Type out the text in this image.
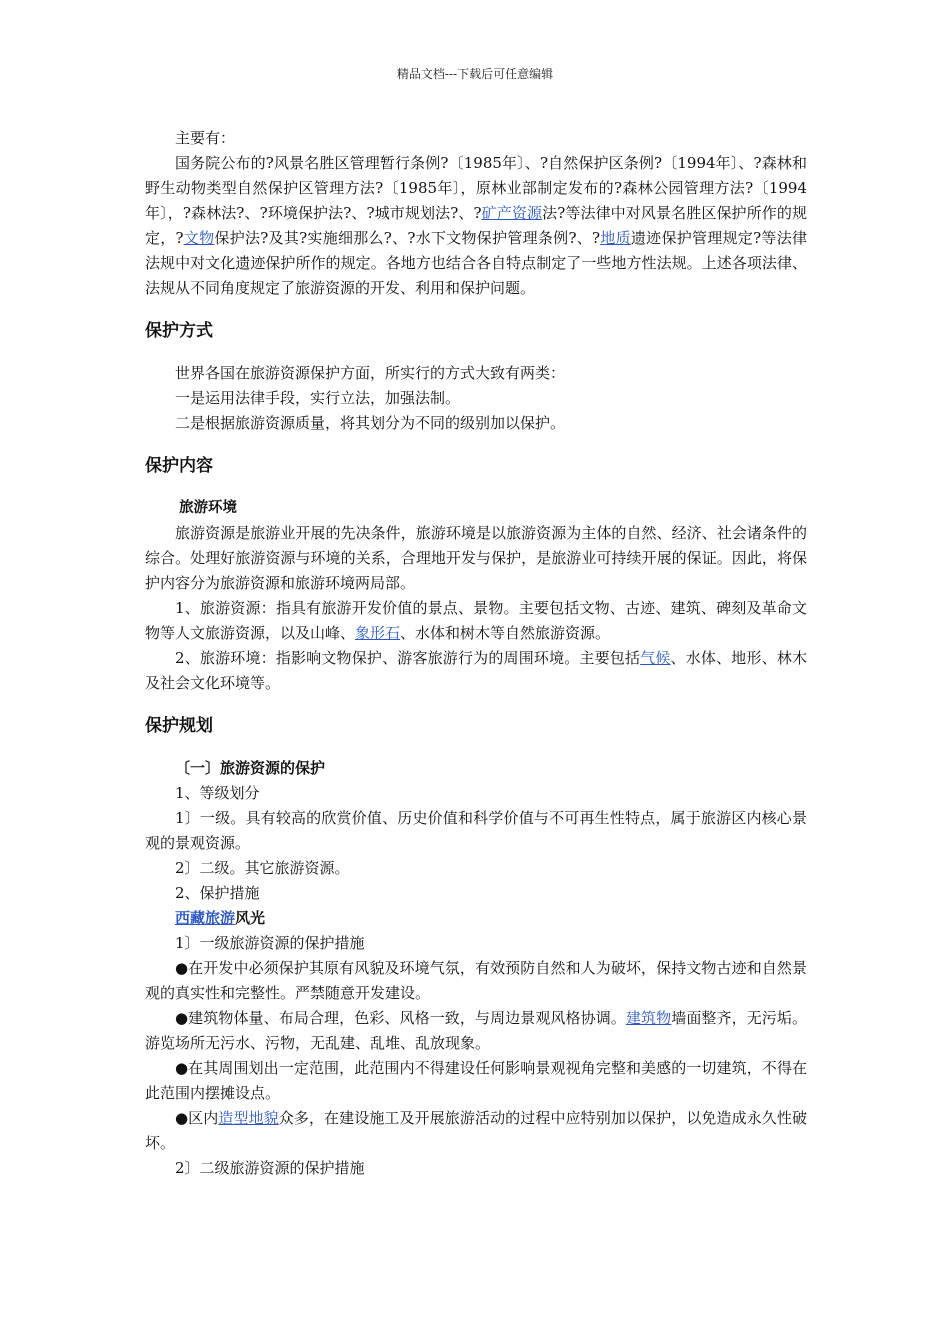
精品文档---下载后可任意编辑

主要有：

国务院公布的?风景名胜区管理暂行条例?〔1985年〕、?自然保护区条例?〔1994年〕、?森林和野生动物类型自然保护区管理方法?〔1985年〕，原林业部制定发布的?森林公园管理方法?〔1994年〕，?森林法?、?环境保护法?、?城市规划法?、?矿产资源法?等法律中对风景名胜区保护所作的规定，?文物保护法?及其?实施细那么?、?水下文物保护管理条例?、?地质遗迹保护管理规定?等法律法规中对文化遗迹保护所作的规定。各地方也结合各自特点制定了一些地方性法规。上述各项法律、法规从不同角度规定了旅游资源的开发、利用和保护问题。

保护方式

世界各国在旅游资源保护方面，所实行的方式大致有两类：

一是运用法律手段，实行立法，加强法制。

二是根据旅游资源质量，将其划分为不同的级别加以保护。

保护内容

旅游环境

旅游资源是旅游业开展的先决条件，旅游环境是以旅游资源为主体的自然、经济、社会诸条件的综合。处理好旅游资源与环境的关系，合理地开发与保护，是旅游业可持续开展的保证。因此，将保护内容分为旅游资源和旅游环境两局部。

1、旅游资源：指具有旅游开发价值的景点、景物。主要包括文物、古迹、建筑、碑刻及革命文物等人文旅游资源，以及山峰、象形石、水体和树木等自然旅游资源。

2、旅游环境：指影响文物保护、游客旅游行为的周围环境。主要包括气候、水体、地形、林木及社会文化环境等。

保护规划

〔一〕旅游资源的保护

1、等级划分

1〕一级。具有较高的欣赏价值、历史价值和科学价值与不可再生性特点，属于旅游区内核心景观的景观资源。

2〕二级。其它旅游资源。

2、保护措施

西藏旅游风光

1〕一级旅游资源的保护措施

●在开发中必须保护其原有风貌及环境气氛，有效预防自然和人为破坏，保持文物古迹和自然景观的真实性和完整性。严禁随意开发建设。

●建筑物体量、布局合理，色彩、风格一致，与周边景观风格协调。建筑物墙面整齐，无污垢。游览场所无污水、污物，无乱建、乱堆、乱放现象。

●在其周围划出一定范围，此范围内不得建设任何影响景观视角完整和美感的一切建筑，不得在此范围内摆摊设点。

●区内造型地貌众多，在建设施工及开展旅游活动的过程中应特别加以保护，以免造成永久性破坏。

2〕二级旅游资源的保护措施
